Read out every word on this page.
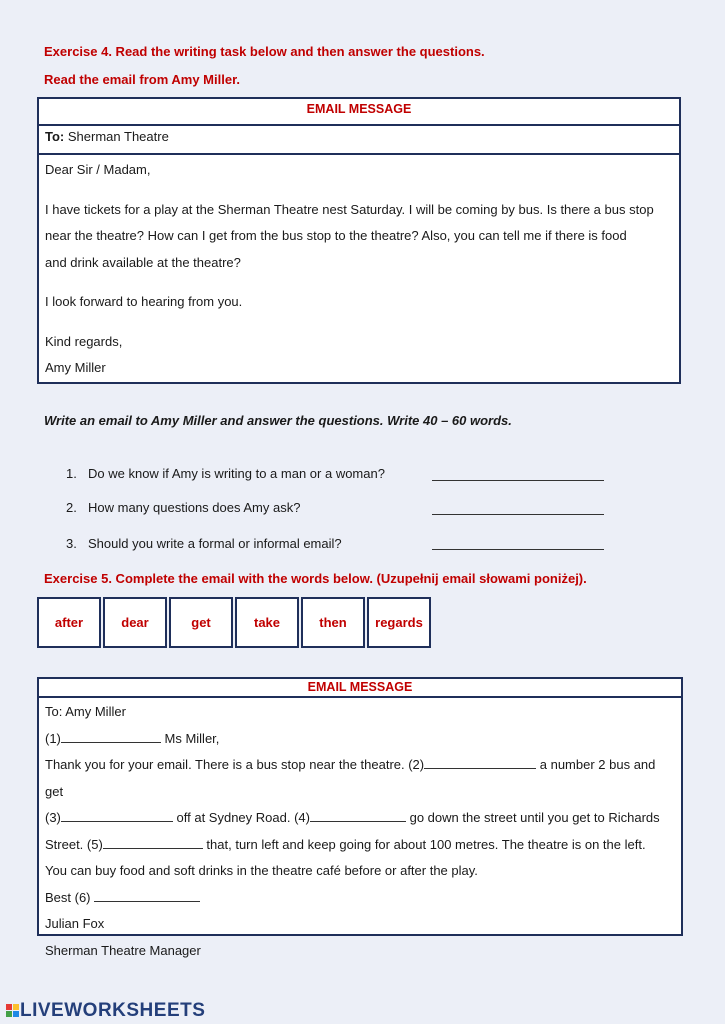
Exercise 4. Read the writing task below and then answer the questions.
Read the email from Amy Miller.
EMAIL MESSAGE
To: Sherman Theatre

Dear Sir / Madam,

I have tickets for a play at the Sherman Theatre nest Saturday. I will be coming by bus. Is there a bus stop

near the theatre? How can I get from the bus stop to the theatre? Also, you can tell me if there is food

and drink available at the theatre?

I look forward to hearing from you.

Kind regards,

Amy Miller

Write an email to Amy Miller and answer the questions. Write 40 – 60 words.
1. Do we know if Amy is writing to a man or a woman?
2. How many questions does Amy ask?
3. Should you write a formal or informal email?
Exercise 5. Complete the email with the words below. (Uzupełnij email słowami poniżej).
after	dear	get	take	then	regards
EMAIL MESSAGE

To: Amy Miller

(1)	Ms Miller,

Thank you for your email. There is a bus stop near the theatre. (2)	a number 2 bus and get

(3)	off at Sydney Road. (4)	go down the street until you get to Richards

Street. (5)	that, turn left and keep going for about 100 metres. The theatre is on the left.

You can buy food and soft drinks in the theatre café before or after the play.

Best (6)

Julian Fox

Sherman Theatre Manager

LIVEWORKSHEETS
